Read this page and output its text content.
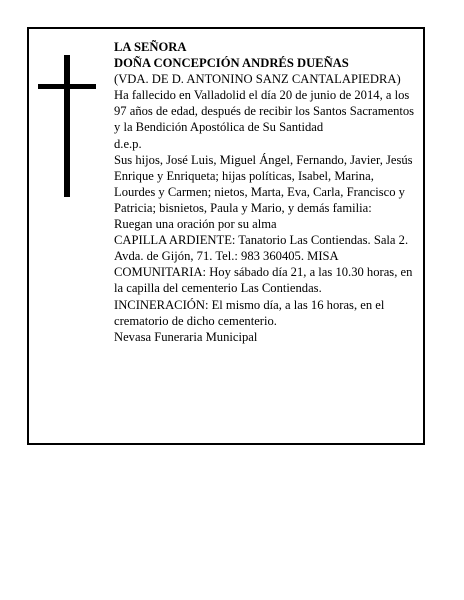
LA SEÑORA
DOÑA CONCEPCIÓN ANDRÉS DUEÑAS
(VDA. DE D. ANTONINO SANZ CANTALAPIEDRA)
Ha fallecido en Valladolid el día 20 de junio de 2014, a los 97 años de edad, después de recibir los Santos Sacramentos y la Bendición Apostólica de Su Santidad
d.e.p.
Sus hijos, José Luis, Miguel Ángel, Fernando, Javier, Jesús Enrique y Enriqueta; hijas políticas, Isabel, Marina, Lourdes y Carmen; nietos, Marta, Eva, Carla, Francisco y Patricia; bisnietos, Paula y Mario, y demás familia:
Ruegan una oración por su alma
CAPILLA ARDIENTE: Tanatorio Las Contiendas. Sala 2. Avda. de Gijón, 71. Tel.: 983 360405. MISA COMUNITARIA: Hoy sábado día 21, a las 10.30 horas, en la capilla del cementerio Las Contiendas.
INCINERACIÓN: El mismo día, a las 16 horas, en el crematorio de dicho cementerio.
Nevasa Funeraria Municipal
